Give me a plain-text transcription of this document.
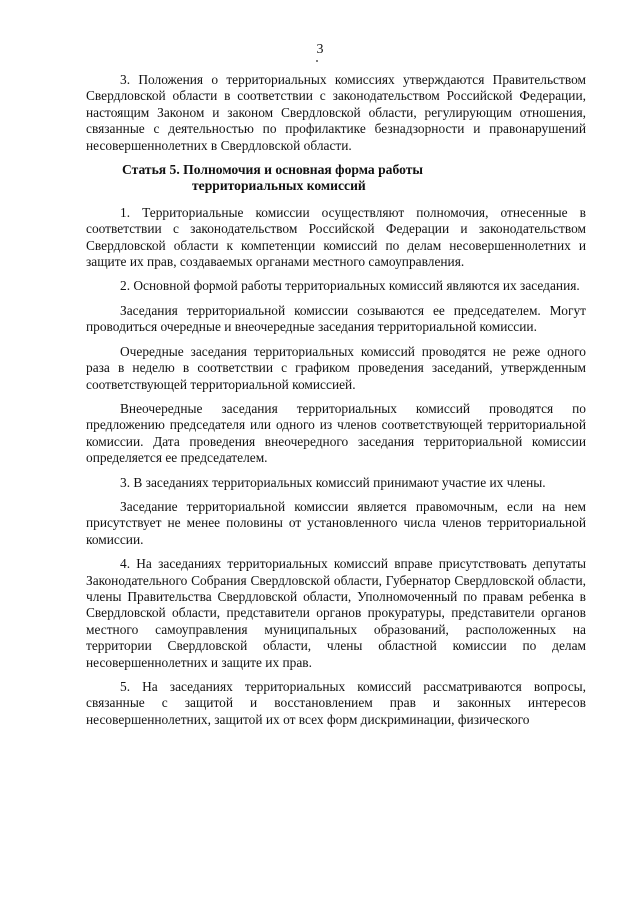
3

3. Положения о территориальных комиссиях утверждаются Правительством Свердловской области в соответствии с законодательством Российской Федерации, настоящим Законом и законом Свердловской области, регулирующим отношения, связанные с деятельностью по профилактике безнадзорности и правонарушений несовершеннолетних в Свердловской области.

Статья 5. Полномочия и основная форма работы
территориальных комиссий

1. Территориальные комиссии осуществляют полномочия, отнесенные в соответствии с законодательством Российской Федерации и законодательством Свердловской области к компетенции комиссий по делам несовершеннолетних и защите их прав, создаваемых органами местного самоуправления.

2. Основной формой работы территориальных комиссий являются их заседания.

Заседания территориальной комиссии созываются ее председателем. Могут проводиться очередные и внеочередные заседания территориальной комиссии.

Очередные заседания территориальных комиссий проводятся не реже одного раза в неделю в соответствии с графиком проведения заседаний, утвержденным соответствующей территориальной комиссией.

Внеочередные заседания территориальных комиссий проводятся по предложению председателя или одного из членов соответствующей территориальной комиссии. Дата проведения внеочередного заседания территориальной комиссии определяется ее председателем.

3. В заседаниях территориальных комиссий принимают участие их члены.

Заседание территориальной комиссии является правомочным, если на нем присутствует не менее половины от установленного числа членов территориальной комиссии.

4. На заседаниях территориальных комиссий вправе присутствовать депутаты Законодательного Собрания Свердловской области, Губернатор Свердловской области, члены Правительства Свердловской области, Уполномоченный по правам ребенка в Свердловской области, представители органов прокуратуры, представители органов местного самоуправления муниципальных образований, расположенных на территории Свердловской области, члены областной комиссии по делам несовершеннолетних и защите их прав.

5. На заседаниях территориальных комиссий рассматриваются вопросы, связанные с защитой и восстановлением прав и законных интересов несовершеннолетних, защитой их от всех форм дискриминации, физического
